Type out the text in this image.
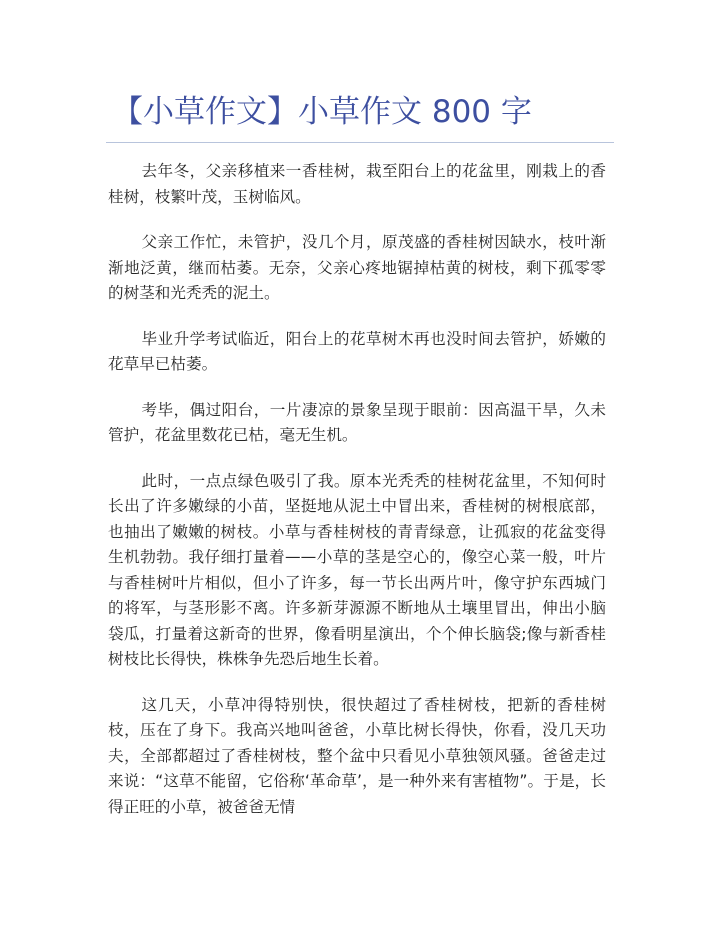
【小草作文】小草作文 800 字

去年冬，父亲移植来一香桂树，栽至阳台上的花盆里，刚栽上的香桂树，枝繁叶茂，玉树临风。

父亲工作忙，未管护，没几个月，原茂盛的香桂树因缺水，枝叶渐渐地泛黄，继而枯萎。无奈，父亲心疼地锯掉枯黄的树枝，剩下孤零零的树茎和光秃秃的泥土。

毕业升学考试临近，阳台上的花草树木再也没时间去管护，娇嫩的花草早已枯萎。

考毕，偶过阳台，一片凄凉的景象呈现于眼前：因高温干旱，久未管护，花盆里数花已枯，毫无生机。

此时，一点点绿色吸引了我。原本光秃秃的桂树花盆里，不知何时长出了许多嫩绿的小苗，坚挺地从泥土中冒出来，香桂树的树根底部，也抽出了嫩嫩的树枝。小草与香桂树枝的青青绿意，让孤寂的花盆变得生机勃勃。我仔细打量着——小草的茎是空心的，像空心菜一般，叶片与香桂树叶片相似，但小了许多，每一节长出两片叶，像守护东西城门的将军，与茎形影不离。许多新芽源源不断地从土壤里冒出，伸出小脑袋瓜，打量着这新奇的世界，像看明星演出，个个伸长脑袋;像与新香桂树枝比长得快，株株争先恐后地生长着。

这几天，小草冲得特别快，很快超过了香桂树枝，把新的香桂树枝，压在了身下。我高兴地叫爸爸，小草比树长得快，你看，没几天功夫，全部都超过了香桂树枝，整个盆中只看见小草独领风骚。爸爸走过来说：“这草不能留，它俗称‘革命草’，是一种外来有害植物”。于是，长得正旺的小草，被爸爸无情
